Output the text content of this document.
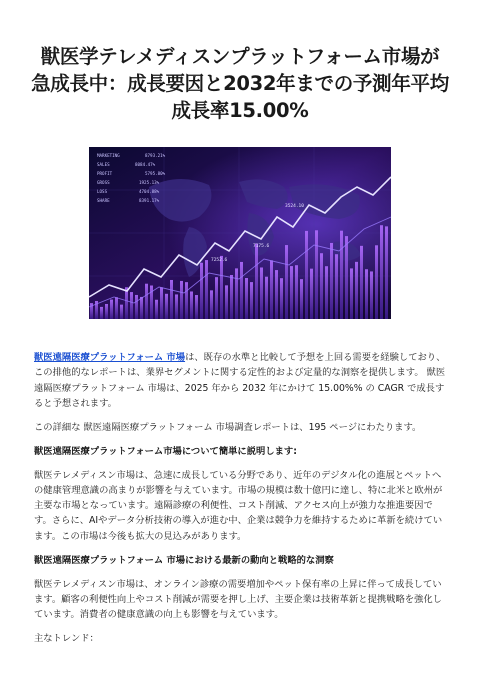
獣医学テレメディスンプラットフォーム市場が
急成長中：成長要因と2032年までの予測年平均
成長率15.00%
MARKETING	8793.21%
SALES	8084.47%
PROFIT	5795.80%
GROSS	1925.13%
LOSS	4704.88%
SHARE	8391.17%
3524.10
7252.6
7175.6

獣医遠隔医療プラットフォーム 市場は、既存の水準と比較して予想を上回る需要を経験しており、この排他的なレポートは、業界セグメントに関する定性的および定量的な洞察を提供します。 獣医遠隔医療プラットフォーム 市場は、2025 年から 2032 年にかけて 15.00%% の CAGR で成長すると予想されます。

この詳細な 獣医遠隔医療プラットフォーム 市場調査レポートは、195 ページにわたります。

獣医遠隔医療プラットフォーム市場について簡単に説明します:

獣医テレメディスン市場は、急速に成長している分野であり、近年のデジタル化の進展とペットへの健康管理意識の高まりが影響を与えています。市場の規模は数十億円に達し、特に北米と欧州が主要な市場となっています。遠隔診療の利便性、コスト削減、アクセス向上が強力な推進要因です。さらに、AIやデータ分析技術の導入が進む中、企業は競争力を維持するために革新を続けています。この市場は今後も拡大の見込みがあります。

獣医遠隔医療プラットフォーム 市場における最新の動向と戦略的な洞察

獣医テレメディスン市場は、オンライン診療の需要増加やペット保有率の上昇に伴って成長しています。顧客の利便性向上やコスト削減が需要を押し上げ、主要企業は技術革新と提携戦略を強化しています。消費者の健康意識の向上も影響を与えています。

主なトレンド：
